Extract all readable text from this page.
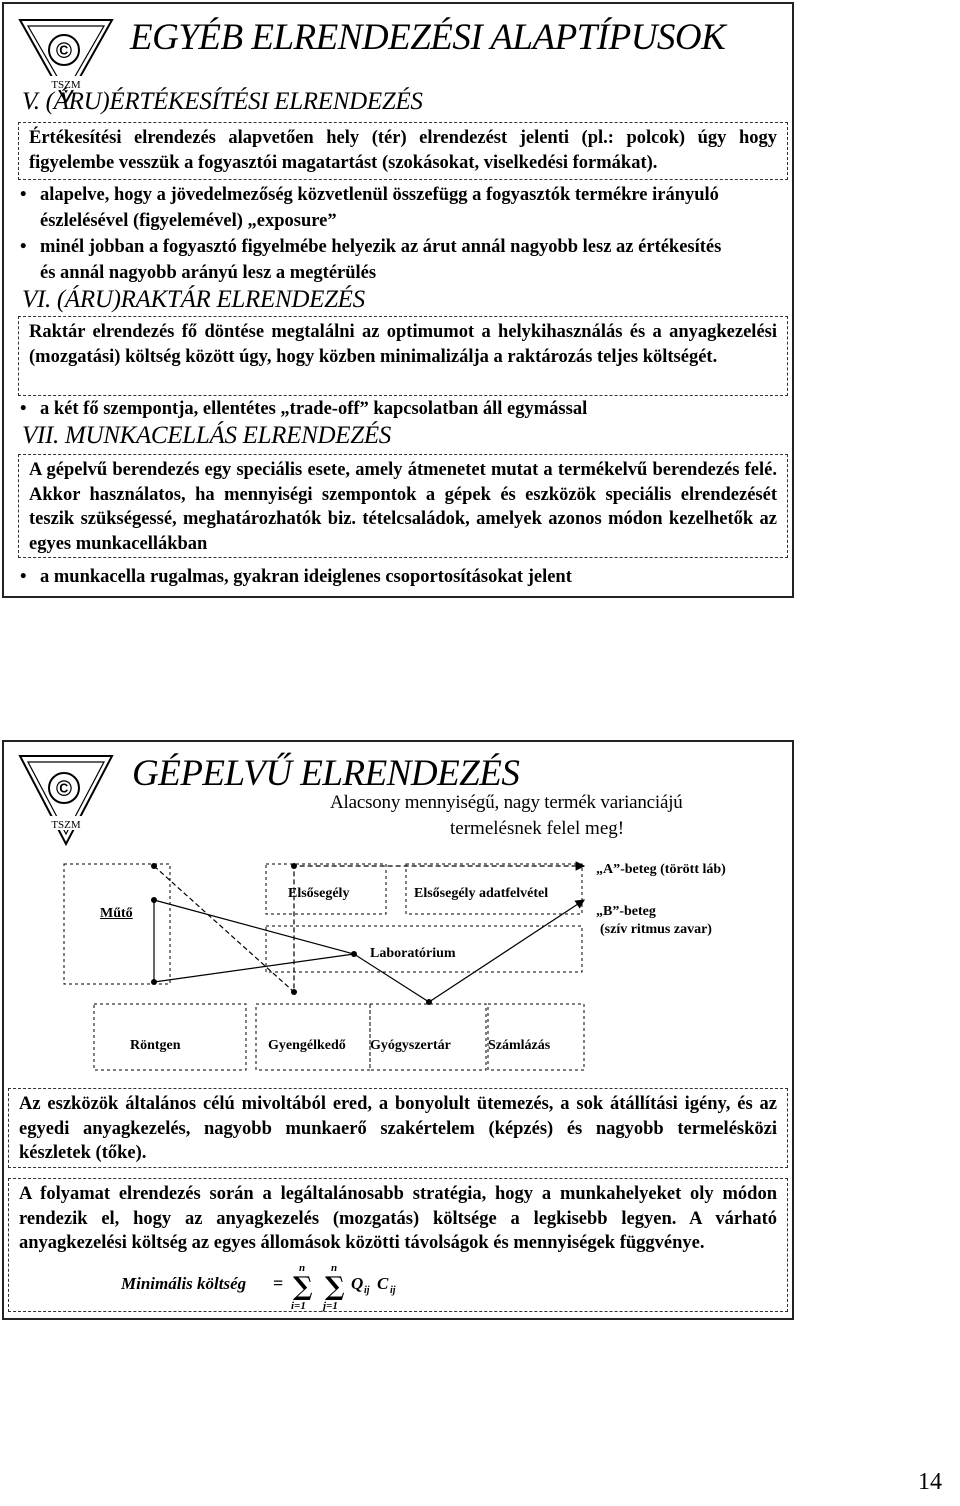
©
TSZM
EGYÉB ELRENDEZÉSI ALAPTÍPUSOK
V. (ÁRU)ÉRTÉKESÍTÉSI ELRENDEZÉS
Értékesítési elrendezés alapvetően hely (tér) elrendezést jelenti (pl.: polcok) úgy hogy figyelembe vesszük a fogyasztói magatartást (szokásokat, viselkedési formákat).
• alapelve, hogy a jövedelmezőség közvetlenül összefügg a fogyasztók termékre irányuló észlelésével (figyelemével) „exposure”
• minél jobban a fogyasztó figyelmébe helyezik az árut annál nagyobb lesz az értékesítés és annál nagyobb arányú lesz a megtérülés
VI. (ÁRU)RAKTÁR ELRENDEZÉS
Raktár elrendezés fő döntése megtalálni az optimumot a helykihasználás és a anyagkezelési (mozgatási) költség között úgy, hogy közben minimalizálja a raktározás teljes költségét.
• a két fő szempontja, ellentétes „trade-off” kapcsolatban áll egymással
VII. MUNKACELLÁS ELRENDEZÉS
A gépelvű berendezés egy speciális esete, amely átmenetet mutat a termékelvű berendezés felé. Akkor használatos, ha mennyiségi szempontok a gépek és eszközök speciális elrendezését teszik szükségessé, meghatározhatók biz. tételcsaládok, amelyek azonos módon kezelhetők az egyes munkacellákban
• a munkacella rugalmas, gyakran ideiglenes csoportosításokat jelent
©
TSZM
GÉPELVŰ ELRENDEZÉS
Alacsony mennyiségű, nagy termék varianciájú
termelésnek felel meg!
Műtő
Elsősegély	Elsősegély adatfelvétel
Laboratórium
Röntgen	Gyengélkedő Gyógyszertár	Számlázás
„A”-beteg (törött láb)
„B”-beteg
(szív ritmus zavar)
Az eszközök általános célú mivoltából ered, a bonyolult ütemezés, a sok átállítási igény, és az egyedi anyagkezelés, nagyobb munkaerő szakértelem (képzés) és nagyobb termelésközi készletek (tőke).
A folyamat elrendezés során a legáltalánosabb stratégia, hogy a munkahelyeket oly módon rendezik el, hogy az anyagkezelés (mozgatás) költsége a legkisebb legyen. A várható anyagkezelési költség az egyes állomások közötti távolságok és mennyiségek függvénye.
Minimális költség =
n
∑
i=1
n
∑
j=1
Q ij C ij
14
